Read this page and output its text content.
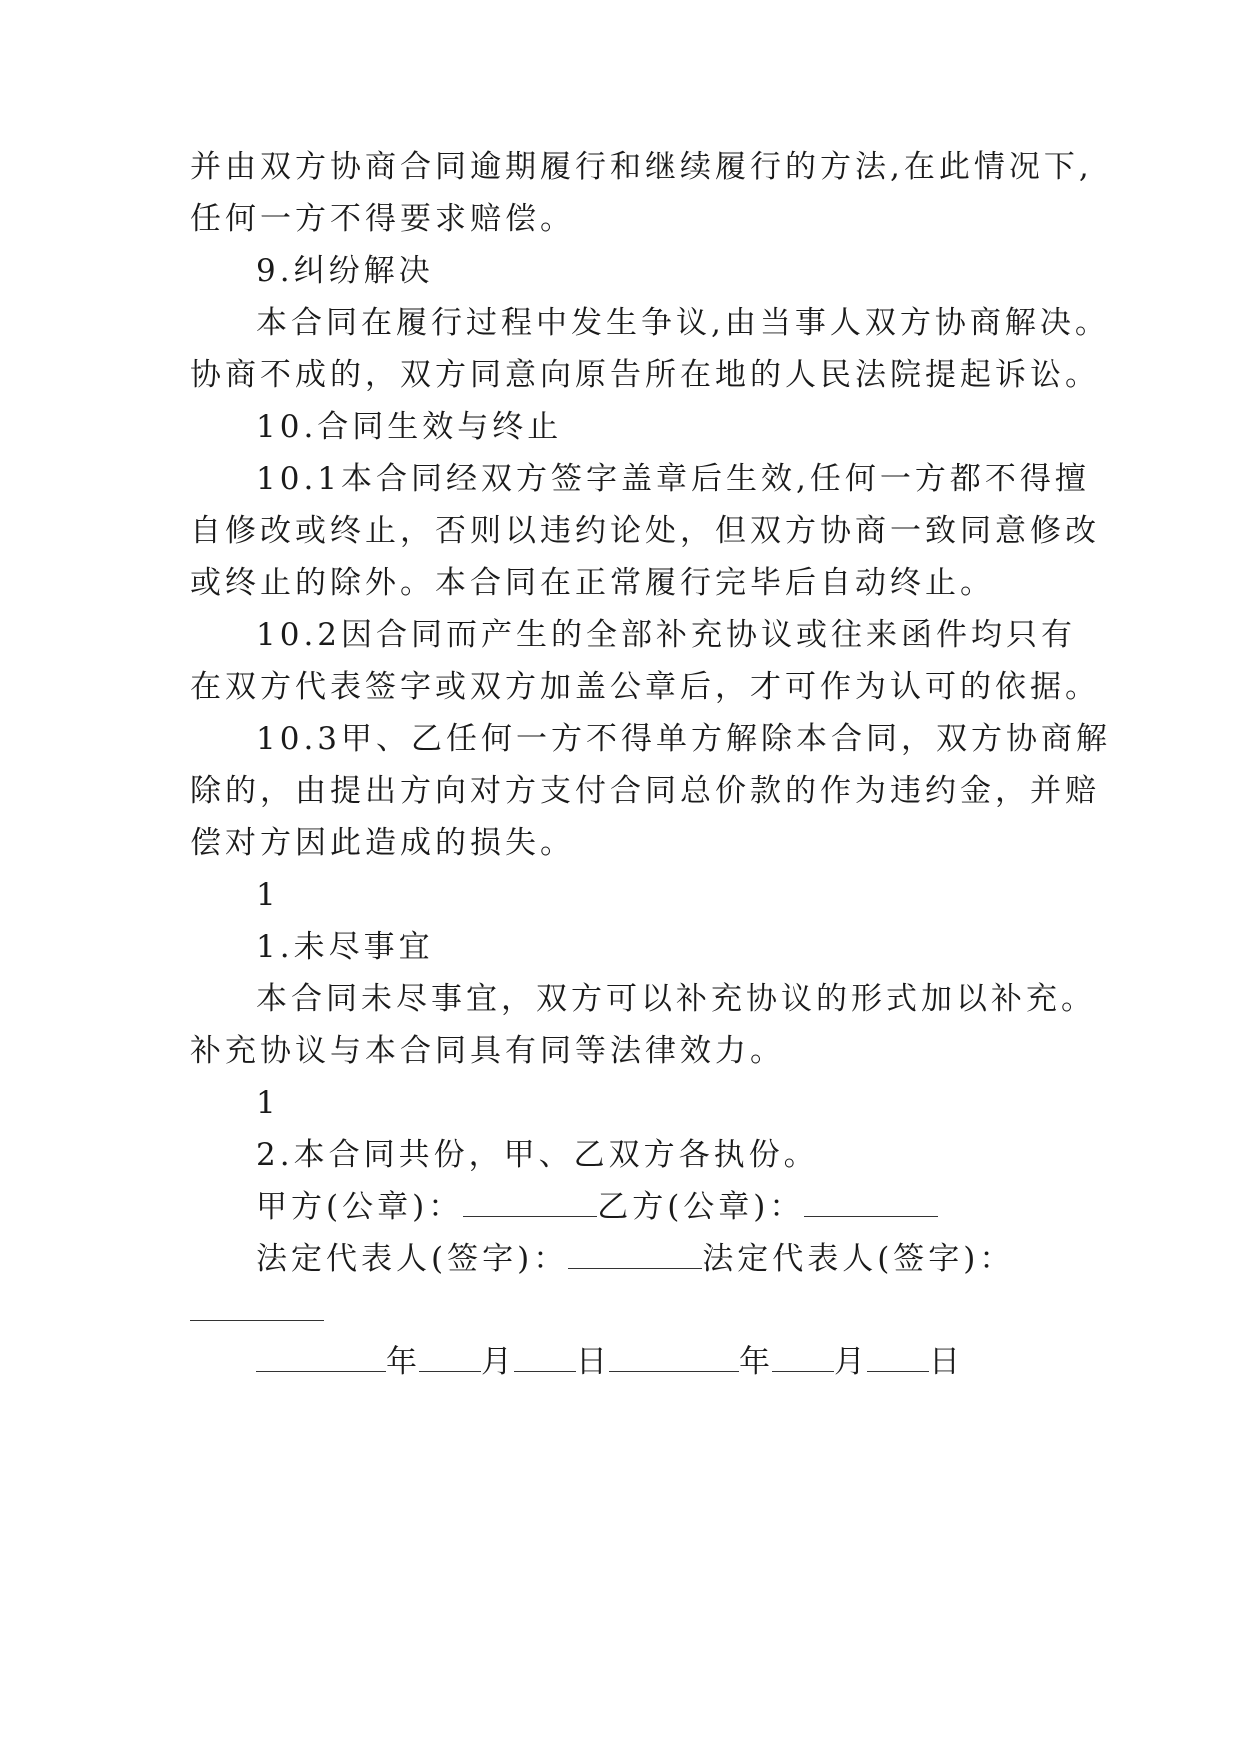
并由双方协商合同逾期履行和继续履行的方法,在此情况下,
任何一方不得要求赔偿。
9.纠纷解决
本合同在履行过程中发生争议,由当事人双方协商解决。
协商不成的，双方同意向原告所在地的人民法院提起诉讼。
10.合同生效与终止
10.1本合同经双方签字盖章后生效,任何一方都不得擅
自修改或终止，否则以违约论处，但双方协商一致同意修改
或终止的除外。本合同在正常履行完毕后自动终止。
10.2因合同而产生的全部补充协议或往来函件均只有
在双方代表签字或双方加盖公章后，才可作为认可的依据。
10.3甲、乙任何一方不得单方解除本合同，双方协商解
除的，由提出方向对方支付合同总价款的作为违约金，并赔
偿对方因此造成的损失。
1
1.未尽事宜
本合同未尽事宜，双方可以补充协议的形式加以补充。
补充协议与本合同具有同等法律效力。
1
2.本合同共份，甲、乙双方各执份。
甲方(公章)：	乙方(公章)：
法定代表人(签字)：	法定代表人(签字)：
年 月 日	年 月 日
